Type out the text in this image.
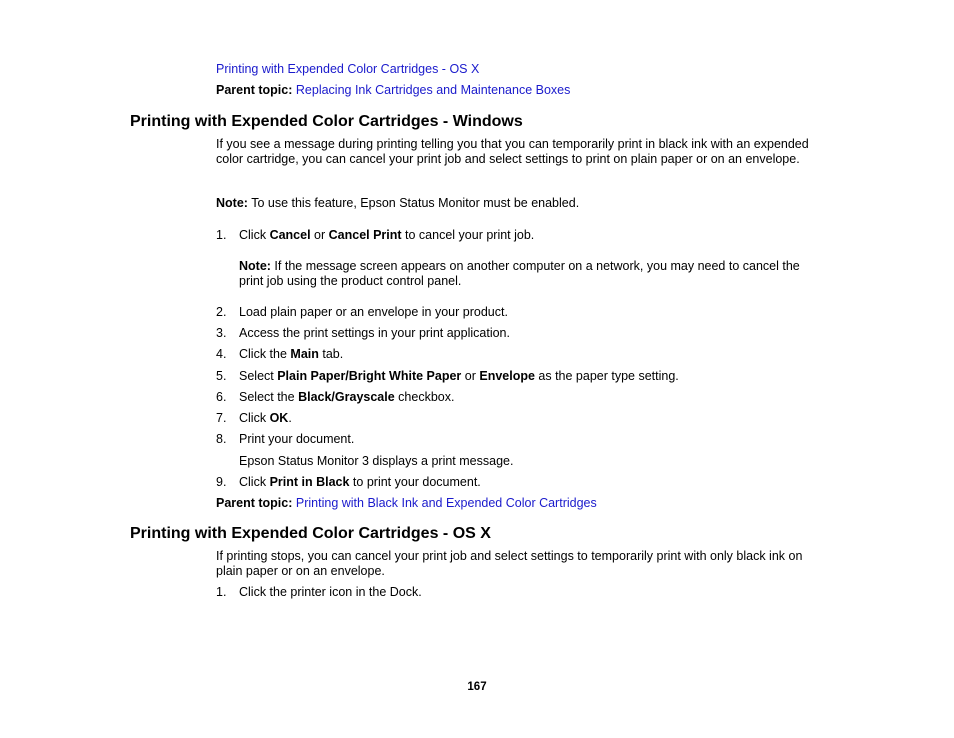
Printing with Expended Color Cartridges - OS X
Parent topic: Replacing Ink Cartridges and Maintenance Boxes
Printing with Expended Color Cartridges - Windows
If you see a message during printing telling you that you can temporarily print in black ink with an expended color cartridge, you can cancel your print job and select settings to print on plain paper or on an envelope.
Note: To use this feature, Epson Status Monitor must be enabled.
1. Click Cancel or Cancel Print to cancel your print job.
Note: If the message screen appears on another computer on a network, you may need to cancel the print job using the product control panel.
2. Load plain paper or an envelope in your product.
3. Access the print settings in your print application.
4. Click the Main tab.
5. Select Plain Paper/Bright White Paper or Envelope as the paper type setting.
6. Select the Black/Grayscale checkbox.
7. Click OK.
8. Print your document.
Epson Status Monitor 3 displays a print message.
9. Click Print in Black to print your document.
Parent topic: Printing with Black Ink and Expended Color Cartridges
Printing with Expended Color Cartridges - OS X
If printing stops, you can cancel your print job and select settings to temporarily print with only black ink on plain paper or on an envelope.
1. Click the printer icon in the Dock.
167
